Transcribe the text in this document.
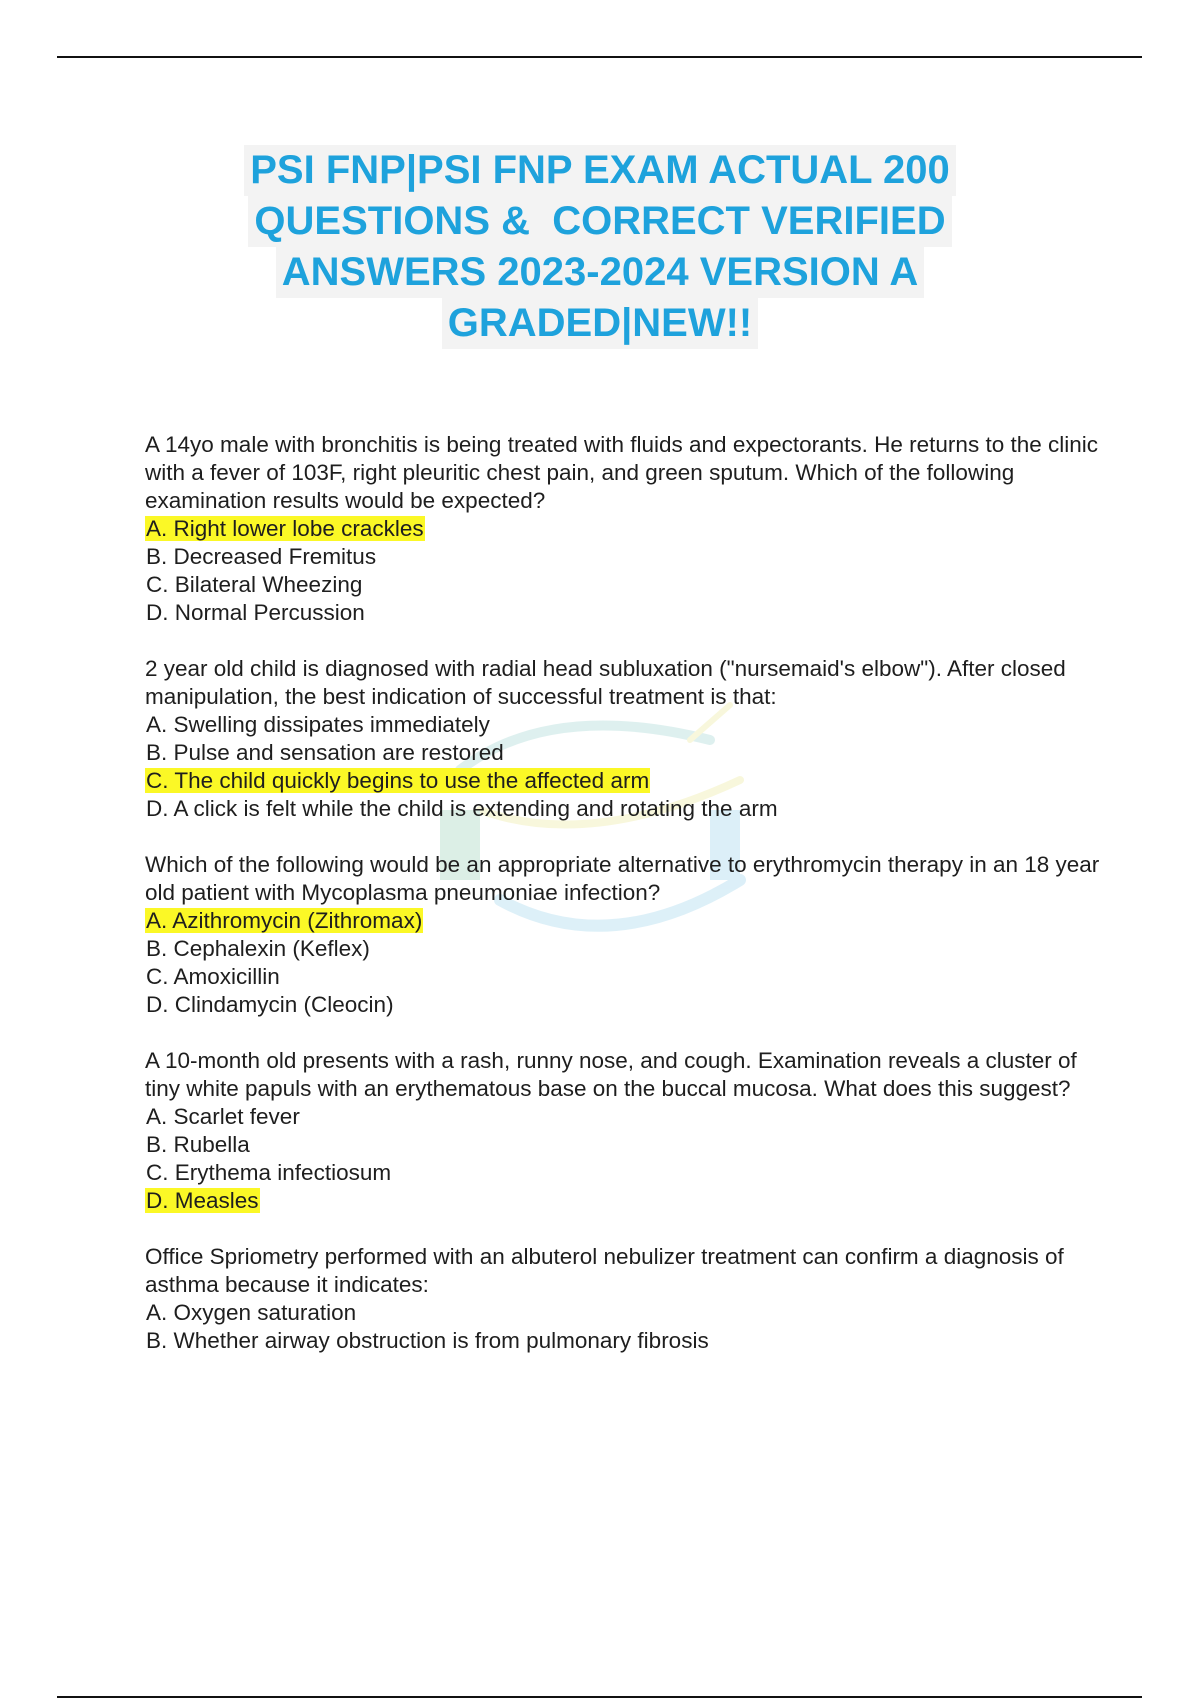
PSI FNP|PSI FNP EXAM ACTUAL 200
QUESTIONS &  CORRECT VERIFIED
ANSWERS 2023-2024 VERSION A
GRADED|NEW!!
A 14yo male with bronchitis is being treated with fluids and expectorants. He returns to the clinic with a fever of 103F, right pleuritic chest pain, and green sputum. Which of the following examination results would be expected?
A. Right lower lobe crackles
B. Decreased Fremitus
C. Bilateral Wheezing
D. Normal Percussion
2 year old child is diagnosed with radial head subluxation ("nursemaid's elbow"). After closed manipulation, the best indication of successful treatment is that:
A. Swelling dissipates immediately
B. Pulse and sensation are restored
C. The child quickly begins to use the affected arm
D. A click is felt while the child is extending and rotating the arm
Which of the following would be an appropriate alternative to erythromycin therapy in an 18 year old patient with Mycoplasma pneumoniae infection?
A. Azithromycin (Zithromax)
B. Cephalexin (Keflex)
C. Amoxicillin
D. Clindamycin (Cleocin)
A 10-month old presents with a rash, runny nose, and cough. Examination reveals a cluster of tiny white papuls with an erythematous base on the buccal mucosa. What does this suggest?
A. Scarlet fever
B. Rubella
C. Erythema infectiosum
D. Measles
Office Spriometry performed with an albuterol nebulizer treatment can confirm a diagnosis of asthma because it indicates:
A. Oxygen saturation
B. Whether airway obstruction is from pulmonary fibrosis
